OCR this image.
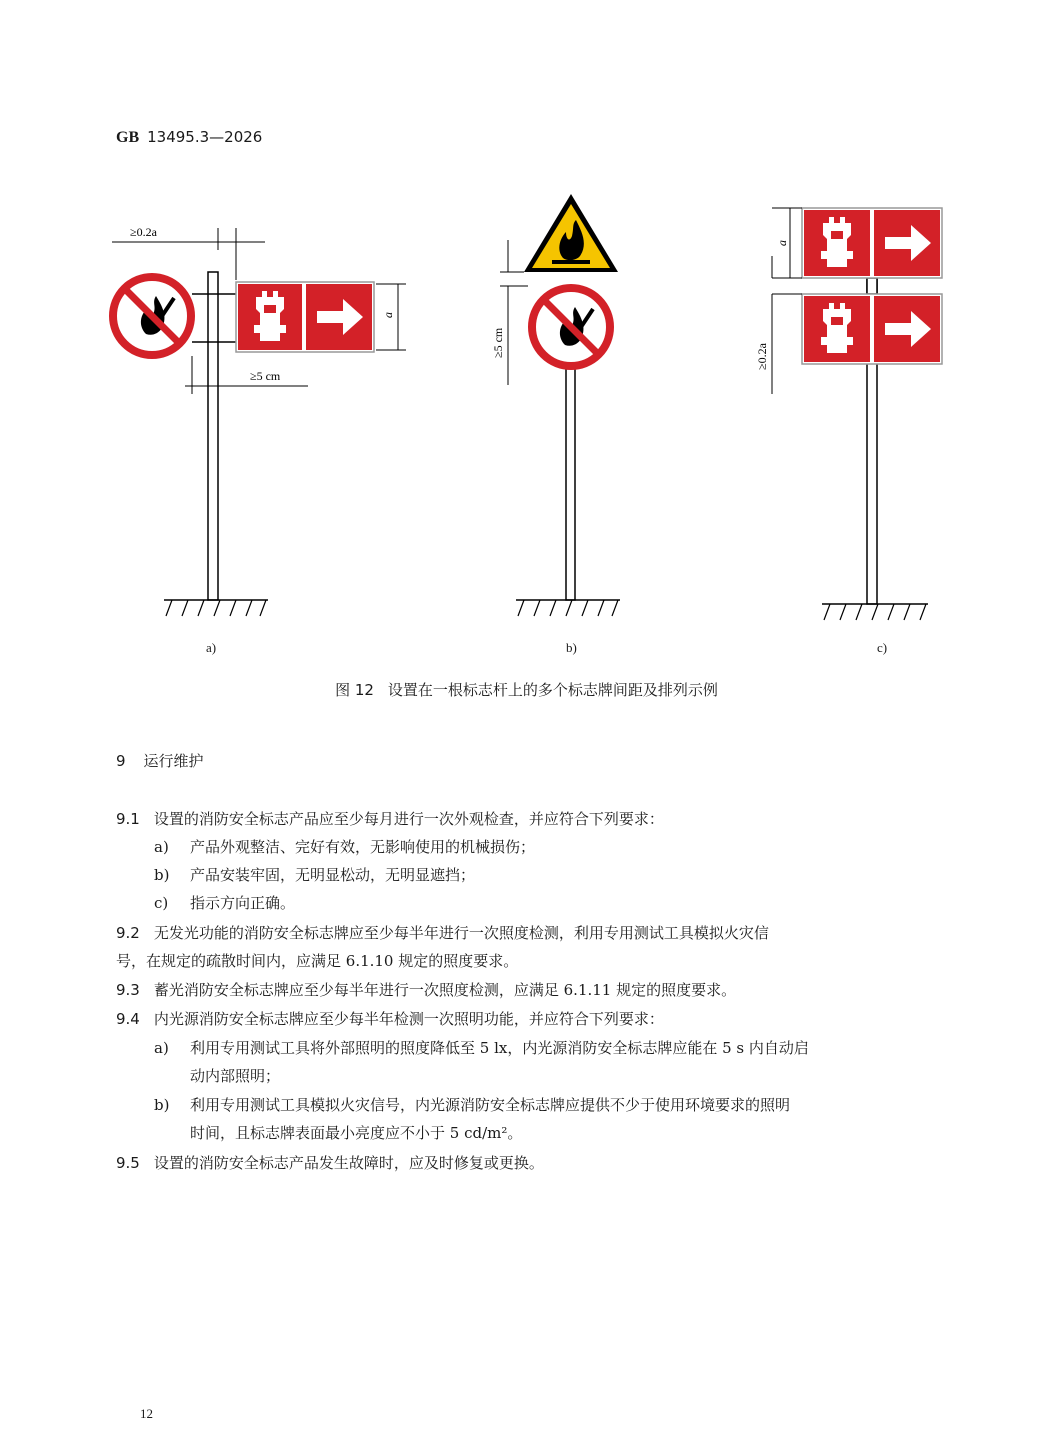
GB 13495.3—2026
≥0.2a
a
≥5 cm
≥5 cm
a
≥0.2a
a)	b)	c)
图 12 设置在一根标志杆上的多个标志牌间距及排列示例
9 运行维护
9.1 设置的消防安全标志产品应至少每月进行一次外观检查，并应符合下列要求：
a) 产品外观整洁、完好有效，无影响使用的机械损伤；
b) 产品安装牢固，无明显松动，无明显遮挡；
c) 指示方向正确。
9.2 无发光功能的消防安全标志牌应至少每半年进行一次照度检测，利用专用测试工具模拟火灾信
号，在规定的疏散时间内，应满足 6.1.10 规定的照度要求。
9.3 蓄光消防安全标志牌应至少每半年进行一次照度检测，应满足 6.1.11 规定的照度要求。
9.4 内光源消防安全标志牌应至少每半年检测一次照明功能，并应符合下列要求：
a) 利用专用测试工具将外部照明的照度降低至 5 lx，内光源消防安全标志牌应能在 5 s 内自动启
动内部照明；
b) 利用专用测试工具模拟火灾信号，内光源消防安全标志牌应提供不少于使用环境要求的照明
时间，且标志牌表面最小亮度应不小于 5 cd/m²。
9.5 设置的消防安全标志产品发生故障时，应及时修复或更换。
12
